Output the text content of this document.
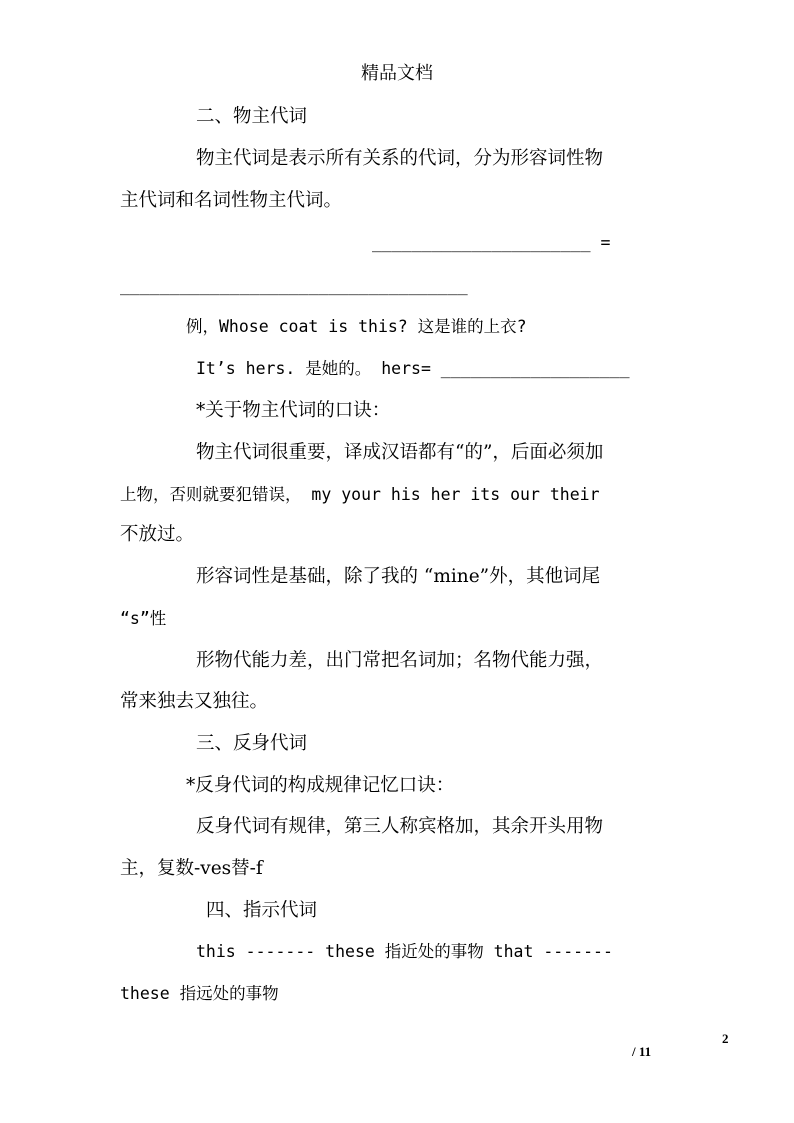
精品文档
二、物主代词
物主代词是表示所有关系的代词，分为形容词性物
主代词和名词性物主代词。
______________________ =
___________________________________
例，Whose coat is this? 这是谁的上衣?
It’s hers. 是她的。 hers= ___________________
*关于物主代词的口诀：
物主代词很重要，译成汉语都有“的”，后面必须加
上物，否则就要犯错误， my your his her its our their
不放过。
形容词性是基础，除了我的 “mine”外，其他词尾
“s”性
形物代能力差，出门常把名词加；名物代能力强，
常来独去又独往。
三、反身代词
*反身代词的构成规律记忆口诀：
反身代词有规律，第三人称宾格加，其余开头用物
主，复数-ves替-f
四、指示代词
this ------- these 指近处的事物 that -------
these 指远处的事物
2
/ 11
